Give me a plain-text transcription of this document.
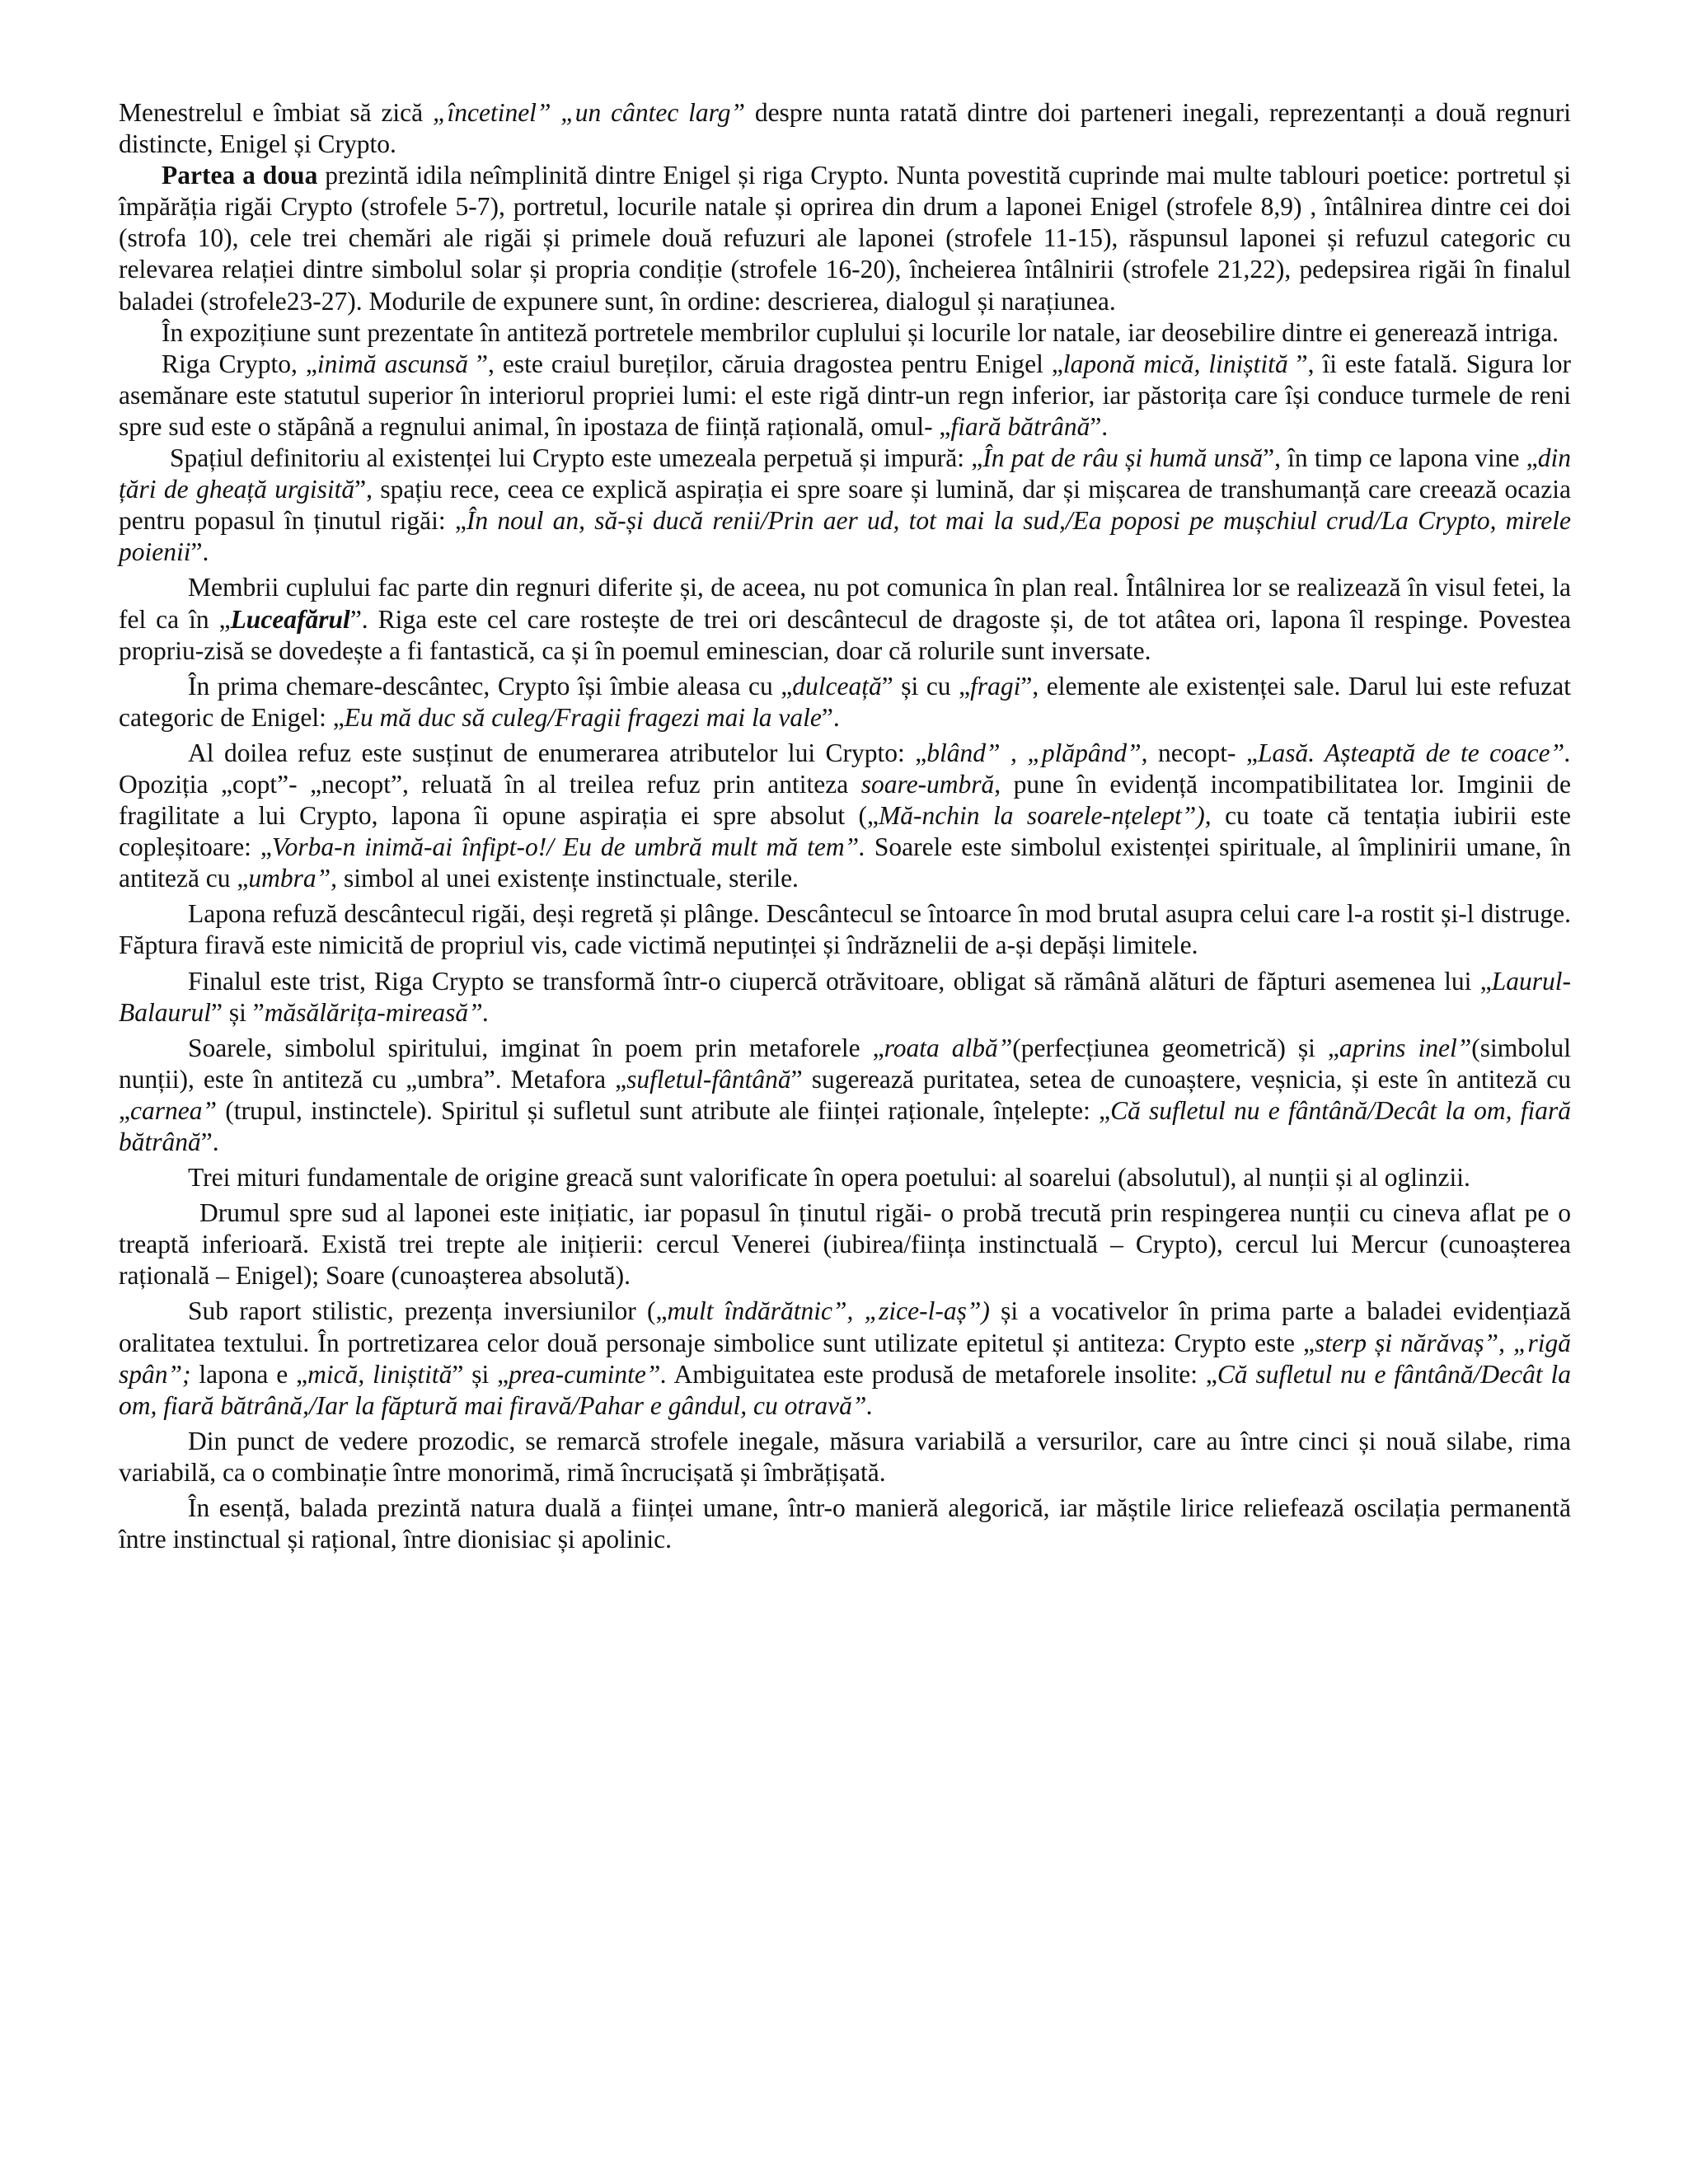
Menestrelul e îmbiat să zică „încetinel” „un cântec larg” despre nunta ratată dintre doi parteneri inegali, reprezentanți a două regnuri distincte, Enigel și Crypto.

Partea a doua prezintă idila neîmplinită dintre Enigel și riga Crypto. Nunta povestită cuprinde mai multe tablouri poetice: portretul și împărăția rigăi Crypto (strofele 5-7), portretul, locurile natale și oprirea din drum a laponei Enigel (strofele 8,9) , întâlnirea dintre cei doi (strofa 10), cele trei chemări ale rigăi și primele două refuzuri ale laponei (strofele 11-15), răspunsul laponei și refuzul categoric cu relevarea relației dintre simbolul solar și propria condiție (strofele 16-20), încheierea întâlnirii (strofele 21,22), pedepsirea rigăi în finalul baladei (strofele23-27). Modurile de expunere sunt, în ordine: descrierea, dialogul și narațiunea.

În expozițiune sunt prezentate în antiteză portretele membrilor cuplului și locurile lor natale, iar deosebilire dintre ei generează intriga.

Riga Crypto, „inimă ascunsă ”, este craiul bureților, căruia dragostea pentru Enigel „laponă mică, liniștită ”, îi este fatală. Sigura lor asemănare este statutul superior în interiorul propriei lumi: el este rigă dintr-un regn inferior, iar păstorița care își conduce turmele de reni spre sud este o stăpână a regnului animal, în ipostaza de ființă rațională, omul- „fiară bătrână”.

Spațiul definitoriu al existenței lui Crypto este umezeala perpetuă și impură: „În pat de râu și humă unsă”, în timp ce lapona vine „din țări de gheață urgisită”, spațiu rece, ceea ce explică aspirația ei spre soare și lumină, dar și mișcarea de transhumanță care creează ocazia pentru popasul în ținutul rigăi: „În noul an, să-și ducă renii/Prin aer ud, tot mai la sud,/Ea poposi pe mușchiul crud/La Crypto, mirele poienii”.

Membrii cuplului fac parte din regnuri diferite și, de aceea, nu pot comunica în plan real. Întâlnirea lor se realizează în visul fetei, la fel ca în „Luceafărul”. Riga este cel care rostește de trei ori descântecul de dragoste și, de tot atâtea ori, lapona îl respinge. Povestea propriu-zisă se dovedește a fi fantastică, ca și în poemul eminescian, doar că rolurile sunt inversate.

În prima chemare-descântec, Crypto își îmbie aleasa cu „dulceață” și cu „fragi”, elemente ale existenței sale. Darul lui este refuzat categoric de Enigel: „Eu mă duc să culeg/Fragii fragezi mai la vale”.

Al doilea refuz este susținut de enumerarea atributelor lui Crypto: „blând” , „plăpând”, necopt- „Lasă. Așteaptă de te coace”. Opoziția „copt”- „necopt”, reluată în al treilea refuz prin antiteza soare-umbră, pune în evidență incompatibilitatea lor. Imginii de fragilitate a lui Crypto, lapona îi opune aspirația ei spre absolut („Mă-nchin la soarele-nțelept”), cu toate că tentația iubirii este copleșitoare: „Vorba-n inimă-ai înfipt-o!/ Eu de umbră mult mă tem”. Soarele este simbolul existenței spirituale, al împlinirii umane, în antiteză cu „umbra”, simbol al unei existențe instinctuale, sterile.

Lapona refuză descântecul rigăi, deși regretă și plânge. Descântecul se întoarce în mod brutal asupra celui care l-a rostit și-l distruge. Făptura firavă este nimicită de propriul vis, cade victimă neputinței și îndrăznelii de a-și depăși limitele.

Finalul este trist, Riga Crypto se transformă într-o ciupercă otrăvitoare, obligat să rămână alături de făpturi asemenea lui „Laurul-Balaurul” și ”măsălărița-mireasă”.

Soarele, simbolul spiritului, imginat în poem prin metaforele „roata albă”(perfecțiunea geometrică) și „aprins inel”(simbolul nunții), este în antiteză cu „umbra”. Metafora „sufletul-fântână” sugerează puritatea, setea de cunoaștere, veșnicia, și este în antiteză cu „carnea” (trupul, instinctele). Spiritul și sufletul sunt atribute ale ființei raționale, înțelepte: „Că sufletul nu e fântână/Decât la om, fiară bătrână”.

Trei mituri fundamentale de origine greacă sunt valorificate în opera poetului: al soarelui (absolutul), al nunții și al oglinzii.

Drumul spre sud al laponei este inițiatic, iar popasul în ținutul rigăi- o probă trecută prin respingerea nunții cu cineva aflat pe o treaptă inferioară. Există trei trepte ale inițierii: cercul Venerei (iubirea/ființa instinctuală – Crypto), cercul lui Mercur (cunoașterea rațională – Enigel); Soare (cunoașterea absolută).

Sub raport stilistic, prezența inversiunilor („mult îndărătnic”, „zice-l-aș”) și a vocativelor în prima parte a baladei evidențiază oralitatea textului. În portretizarea celor două personaje simbolice sunt utilizate epitetul și antiteza: Crypto este „sterp și nărăvaș”, „rigă spân”; lapona e „mică, liniștită” și „prea-cuminte”. Ambiguitatea este produsă de metaforele insolite: „Că sufletul nu e fântână/Decât la om, fiară bătrână,/Iar la făptură mai firavă/Pahar e gândul, cu otravă”.

Din punct de vedere prozodic, se remarcă strofele inegale, măsura variabilă a versurilor, care au între cinci și nouă silabe, rima variabilă, ca o combinație între monorimă, rimă încrucișată și îmbrățișată.

În esență, balada prezintă natura duală a ființei umane, într-o manieră alegorică, iar măștile lirice reliefează oscilația permanentă între instinctual și rațional, între dionisiac și apolinic.
